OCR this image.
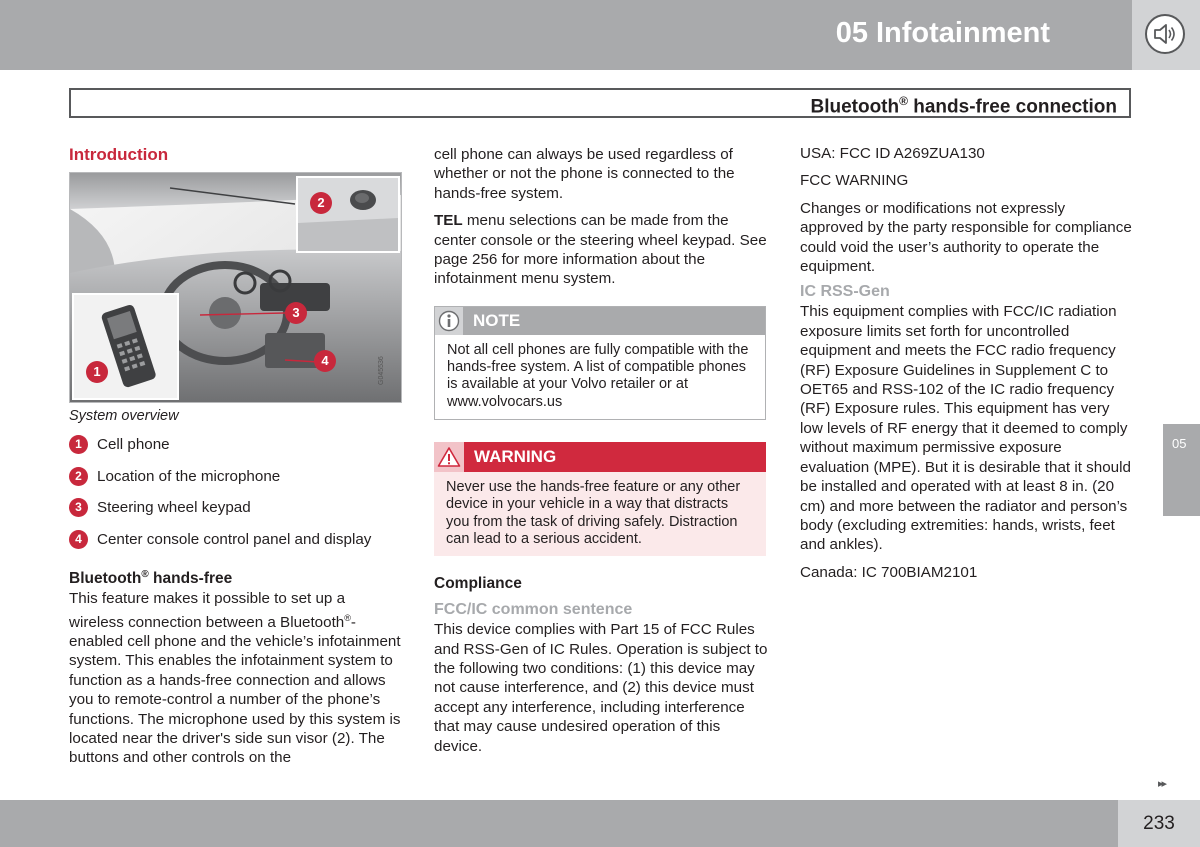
05 Infotainment
Bluetooth® hands-free connection
Introduction
G045536
2
3
4
1
System overview
1 Cell phone
2 Location of the microphone
3 Steering wheel keypad
4 Center console control panel and display
Bluetooth® hands-free

This feature makes it possible to set up a wireless connection between a Bluetooth®-enabled cell phone and the vehicle’s infotainment system. This enables the infotainment system to function as a hands-free connection and allows you to remote-control a number of the phone’s functions. The microphone used by this system is located near the driver's side sun visor (2). The buttons and other controls on the

cell phone can always be used regardless of whether or not the phone is connected to the hands-free system.

TEL menu selections can be made from the center console or the steering wheel keypad. See page 256 for more information about the infotainment menu system.

NOTE
Not all cell phones are fully compatible with the hands-free system. A list of compatible phones is available at your Volvo retailer or at www.volvocars.us
WARNING
Never use the hands-free feature or any other device in your vehicle in a way that distracts you from the task of driving safely. Distraction can lead to a serious accident.
Compliance
FCC/IC common sentence

This device complies with Part 15 of FCC Rules and RSS-Gen of IC Rules. Operation is subject to the following two conditions: (1) this device may not cause interference, and (2) this device must accept any interference, including interference that may cause undesired operation of this device.

USA: FCC ID A269ZUA130

FCC WARNING

Changes or modifications not expressly approved by the party responsible for compliance could void the user’s authority to operate the equipment.

IC RSS-Gen

This equipment complies with FCC/IC radiation exposure limits set forth for uncontrolled equipment and meets the FCC radio frequency (RF) Exposure Guidelines in Supplement C to OET65 and RSS-102 of the IC radio frequency (RF) Exposure rules. This equipment has very low levels of RF energy that it deemed to comply without maximum permissive exposure evaluation (MPE). But it is desirable that it should be installed and operated with at least 8 in. (20 cm) and more between the radiator and person’s body (excluding extremities: hands, wrists, feet and ankles).

Canada: IC 700BIAM2101

05
▸▸
233
